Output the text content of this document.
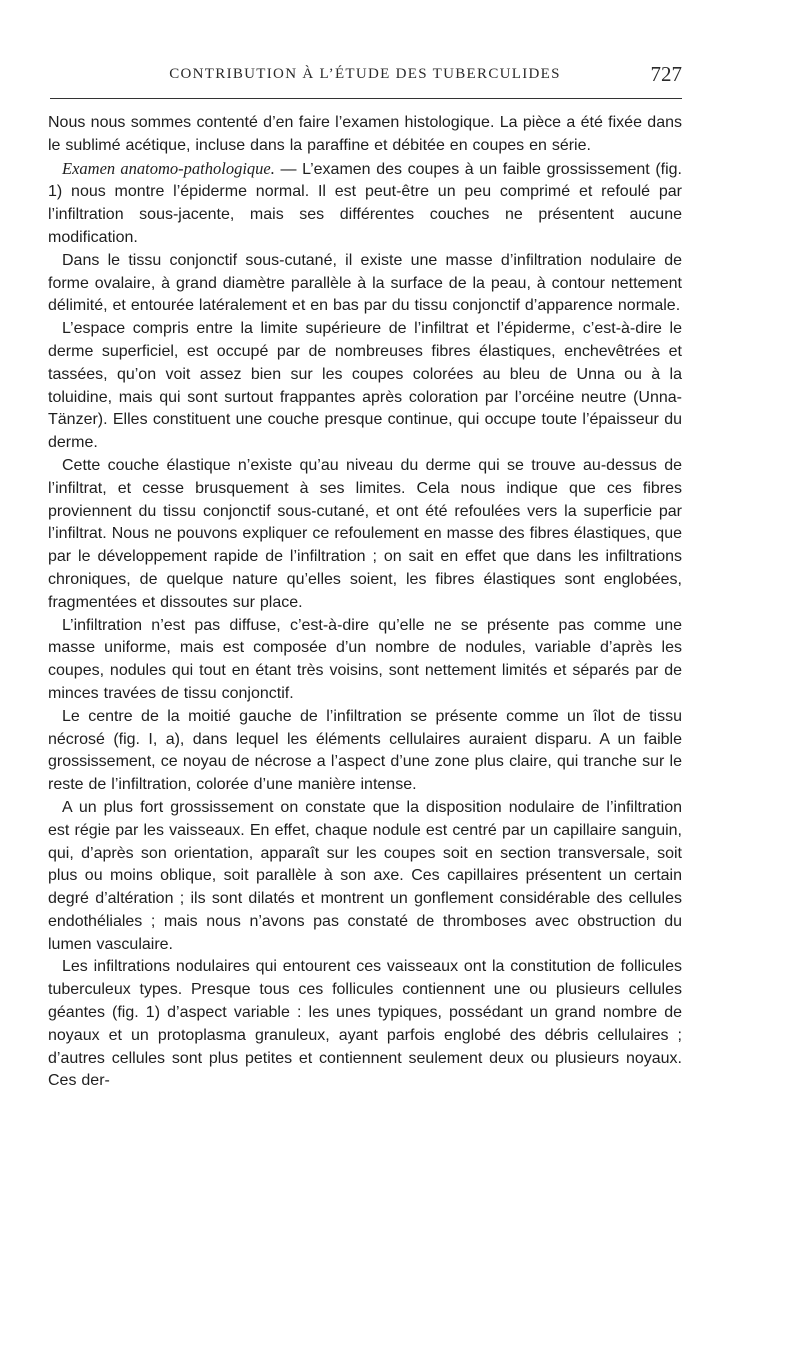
CONTRIBUTION À L’ÉTUDE DES TUBERCULIDES	727

Nous nous sommes contenté d’en faire l’examen histologique. La pièce a été fixée dans le sublimé acétique, incluse dans la paraffine et débitée en coupes en série.

Examen anatomo-pathologique. — L’examen des coupes à un faible grossissement (fig. 1) nous montre l’épiderme normal. Il est peut-être un peu comprimé et refoulé par l’infiltration sous-jacente, mais ses différentes couches ne présentent aucune modification.

Dans le tissu conjonctif sous-cutané, il existe une masse d’infiltration nodulaire de forme ovalaire, à grand diamètre parallèle à la surface de la peau, à contour nettement délimité, et entourée latéralement et en bas par du tissu conjonctif d’apparence normale.

L’espace compris entre la limite supérieure de l’infiltrat et l’épiderme, c’est-à-dire le derme superficiel, est occupé par de nombreuses fibres élastiques, enchevêtrées et tassées, qu’on voit assez bien sur les coupes colorées au bleu de Unna ou à la toluidine, mais qui sont surtout frappantes après coloration par l’orcéine neutre (Unna-Tänzer). Elles constituent une couche presque continue, qui occupe toute l’épaisseur du derme.

Cette couche élastique n’existe qu’au niveau du derme qui se trouve au-dessus de l’infiltrat, et cesse brusquement à ses limites. Cela nous indique que ces fibres proviennent du tissu conjonctif sous-cutané, et ont été refoulées vers la superficie par l’infiltrat. Nous ne pouvons expliquer ce refoulement en masse des fibres élastiques, que par le développement rapide de l’infiltration ; on sait en effet que dans les infiltrations chroniques, de quelque nature qu’elles soient, les fibres élastiques sont englobées, fragmentées et dissoutes sur place.

L’infiltration n’est pas diffuse, c’est-à-dire qu’elle ne se présente pas comme une masse uniforme, mais est composée d’un nombre de nodules, variable d’après les coupes, nodules qui tout en étant très voisins, sont nettement limités et séparés par de minces travées de tissu conjonctif.

Le centre de la moitié gauche de l’infiltration se présente comme un îlot de tissu nécrosé (fig. I, a), dans lequel les éléments cellulaires auraient disparu. A un faible grossissement, ce noyau de nécrose a l’aspect d’une zone plus claire, qui tranche sur le reste de l’infiltration, colorée d’une manière intense.

A un plus fort grossissement on constate que la disposition nodulaire de l’infiltration est régie par les vaisseaux. En effet, chaque nodule est centré par un capillaire sanguin, qui, d’après son orientation, apparaît sur les coupes soit en section transversale, soit plus ou moins oblique, soit parallèle à son axe. Ces capillaires présentent un certain degré d’altération ; ils sont dilatés et montrent un gonflement considérable des cellules endothéliales ; mais nous n’avons pas constaté de thromboses avec obstruction du lumen vasculaire.

Les infiltrations nodulaires qui entourent ces vaisseaux ont la constitution de follicules tuberculeux types. Presque tous ces follicules contiennent une ou plusieurs cellules géantes (fig. 1) d’aspect variable : les unes typiques, possédant un grand nombre de noyaux et un protoplasma granuleux, ayant parfois englobé des débris cellulaires ; d’autres cellules sont plus petites et contiennent seulement deux ou plusieurs noyaux. Ces der-
